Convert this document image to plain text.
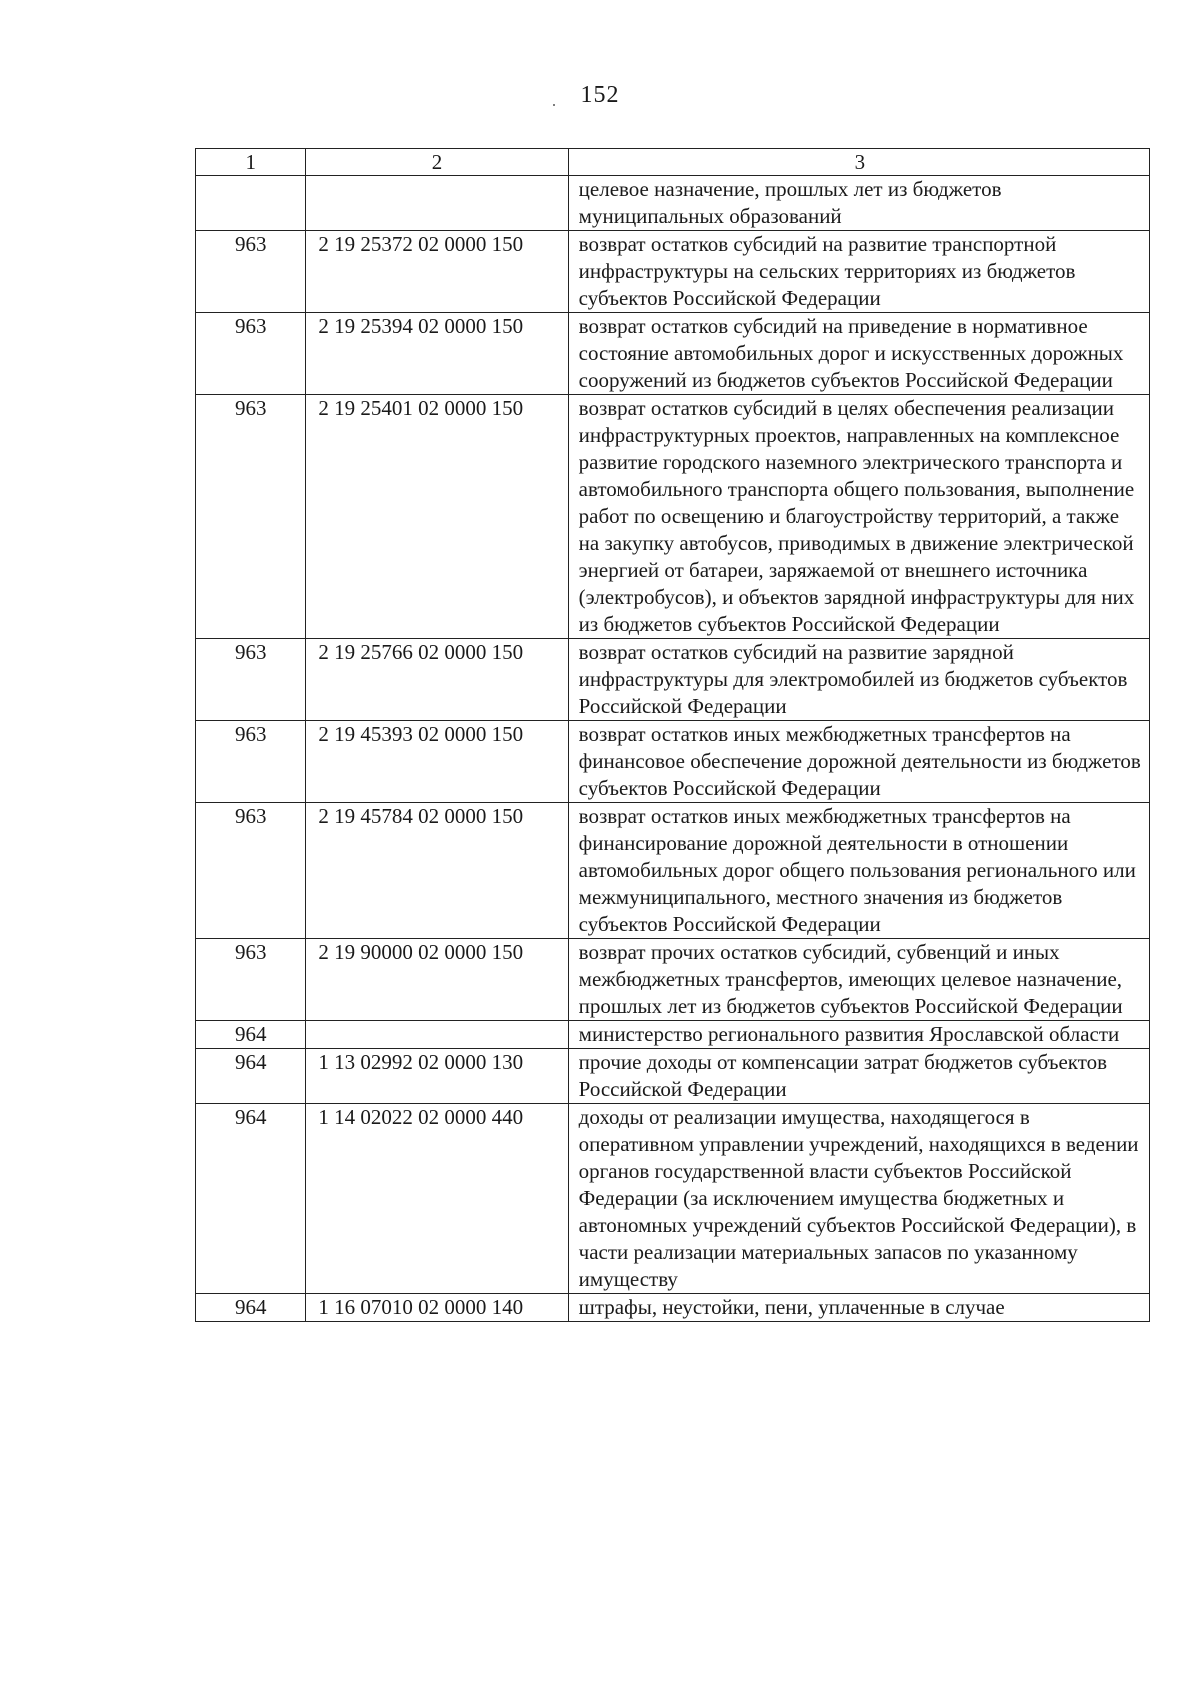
152
1	2	3
		целевое назначение, прошлых лет из бюджетов муниципальных образований
963	2 19 25372 02 0000 150	возврат остатков субсидий на развитие транспортной инфраструктуры на сельских территориях из бюджетов субъектов Российской Федерации
963	2 19 25394 02 0000 150	возврат остатков субсидий на приведение в нормативное состояние автомобильных дорог и искусственных дорожных сооружений из бюджетов субъектов Российской Федерации
963	2 19 25401 02 0000 150	возврат остатков субсидий в целях обеспечения реализации инфраструктурных проектов, направленных на комплексное развитие городского наземного электрического транспорта и автомобильного транспорта общего пользования, выполнение работ по освещению и благоустройству территорий, а также на закупку автобусов, приводимых в движение электрической энергией от батареи, заряжаемой от внешнего источника (электробусов), и объектов зарядной инфраструктуры для них из бюджетов субъектов Российской Федерации
963	2 19 25766 02 0000 150	возврат остатков субсидий на развитие зарядной инфраструктуры для электромобилей из бюджетов субъектов Российской Федерации
963	2 19 45393 02 0000 150	возврат остатков иных межбюджетных трансфертов на финансовое обеспечение дорожной деятельности из бюджетов субъектов Российской Федерации
963	2 19 45784 02 0000 150	возврат остатков иных межбюджетных трансфертов на финансирование дорожной деятельности в отношении автомобильных дорог общего пользования регионального или межмуниципального, местного значения из бюджетов субъектов Российской Федерации
963	2 19 90000 02 0000 150	возврат прочих остатков субсидий, субвенций и иных межбюджетных трансфертов, имеющих целевое назначение, прошлых лет из бюджетов субъектов Российской Федерации
964		министерство регионального развития Ярославской области
964	1 13 02992 02 0000 130	прочие доходы от компенсации затрат бюджетов субъектов Российской Федерации
964	1 14 02022 02 0000 440	доходы от реализации имущества, находящегося в оперативном управлении учреждений, находящихся в ведении органов государственной власти субъектов Российской Федерации (за исключением имущества бюджетных и автономных учреждений субъектов Российской Федерации), в части реализации материальных запасов по указанному имуществу
964	1 16 07010 02 0000 140	штрафы, неустойки, пени, уплаченные в случае
